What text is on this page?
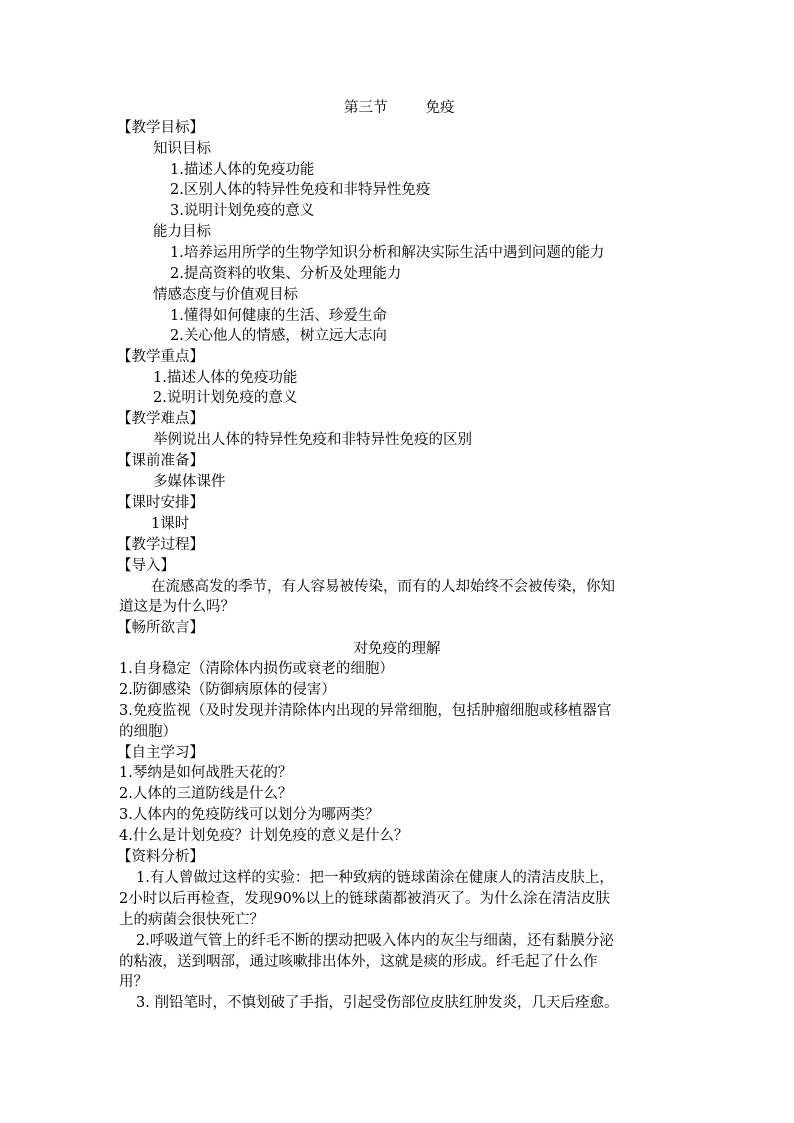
第三节	免疫
【教学目标】
知识目标
1.描述人体的免疫功能
2.区别人体的特异性免疫和非特异性免疫
3.说明计划免疫的意义
能力目标
1.培养运用所学的生物学知识分析和解决实际生活中遇到问题的能力
2.提高资料的收集、分析及处理能力
情感态度与价值观目标
1.懂得如何健康的生活、珍爱生命
2.关心他人的情感，树立远大志向
【教学重点】
1.描述人体的免疫功能
2.说明计划免疫的意义
【教学难点】
举例说出人体的特异性免疫和非特异性免疫的区别
【课前准备】
多媒体课件
【课时安排】
1课时
【教学过程】
【导入】
在流感高发的季节，有人容易被传染，而有的人却始终不会被传染，你知
道这是为什么吗？
【畅所欲言】
对免疫的理解
1.自身稳定（清除体内损伤或衰老的细胞）
2.防御感染（防御病原体的侵害）
3.免疫监视（及时发现并清除体内出现的异常细胞，包括肿瘤细胞或移植器官
的细胞）
【自主学习】
1.琴纳是如何战胜天花的？
2.人体的三道防线是什么？
3.人体内的免疫防线可以划分为哪两类？
4.什么是计划免疫？计划免疫的意义是什么？
【资料分析】
1.有人曾做过这样的实验：把一种致病的链球菌涂在健康人的清洁皮肤上，
2小时以后再检查，发现90%以上的链球菌都被消灭了。为什么涂在清洁皮肤
上的病菌会很快死亡？
2.呼吸道气管上的纤毛不断的摆动把吸入体内的灰尘与细菌，还有黏膜分泌
的粘液，送到咽部，通过咳嗽排出体外，这就是痰的形成。纤毛起了什么作
用？
3. 削铅笔时，不慎划破了手指，引起受伤部位皮肤红肿发炎，几天后痊愈。
